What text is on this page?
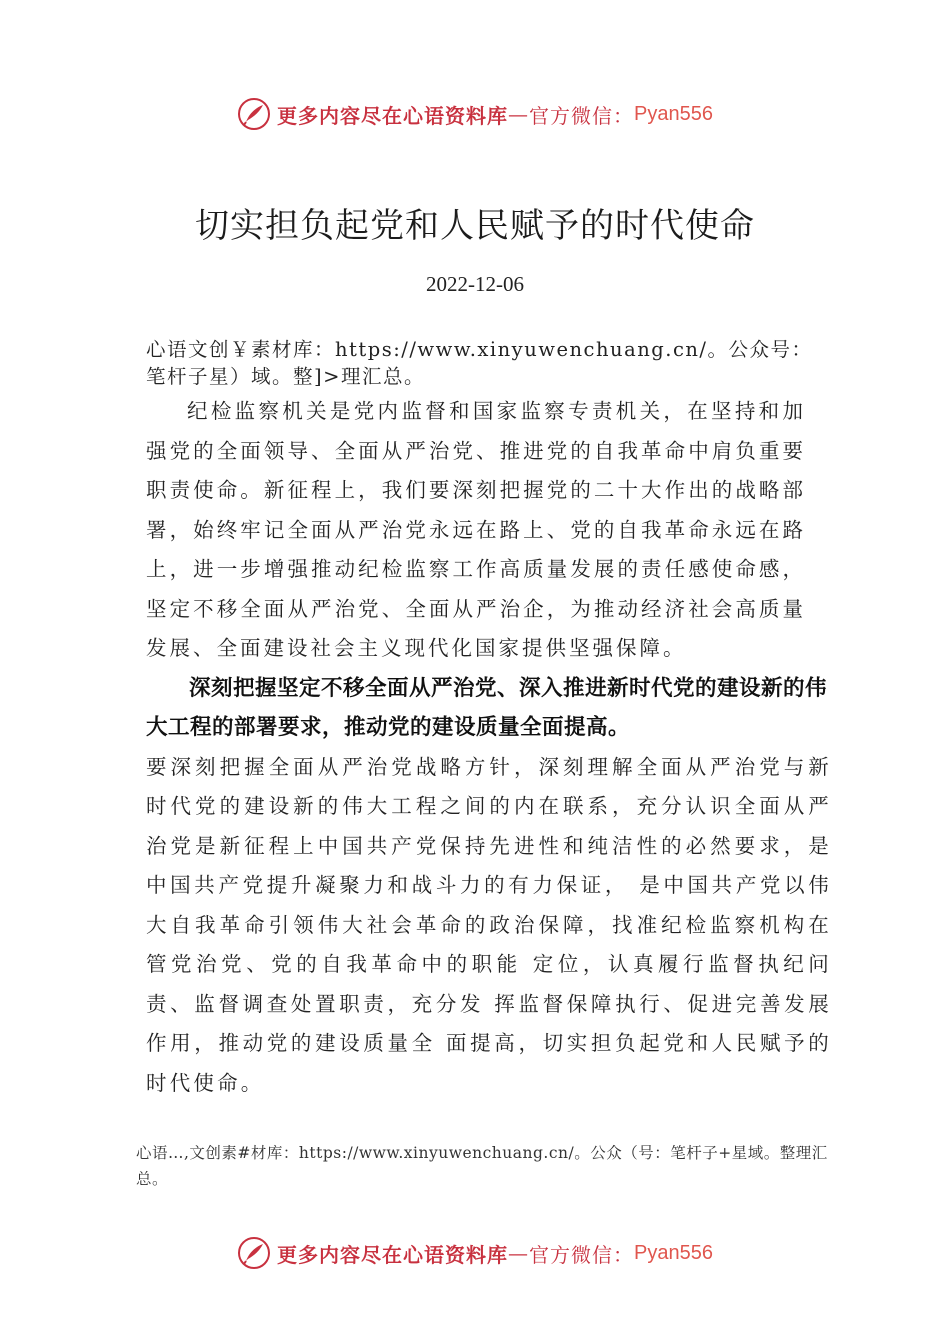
更多内容尽在心语资料库 — 官方微信： Pyan556
切实担负起党和人民赋予的时代使命
2022-12-06

心语文创￥素材库：https://www.xinyuwenchuang.cn/。公众号：笔杆子星）域。整]>理汇总。

纪检监察机关是党内监督和国家监察专责机关，在坚持和加强党的全面领导、全面从严治党、推进党的自我革命中肩负重要职责使命。新征程上，我们要深刻把握党的二十大作出的战略部署，始终牢记全面从严治党永远在路上、党的自我革命永远在路上，进一步增强推动纪检监察工作高质量发展的责任感使命感，坚定不移全面从严治党、全面从严治企，为推动经济社会高质量发展、全面建设社会主义现代化国家提供坚强保障。

深刻把握坚定不移全面从严治党、深入推进新时代党的建设新的伟大工程的部署要求，推动党的建设质量全面提高。

要深刻把握全面从严治党战略方针，深刻理解全面从严治党与新时代党的建设新的伟大工程之间的内在联系，充分认识全面从严治党是新征程上中国共产党保持先进性和纯洁性的必然要求，是中国共产党提升凝聚力和战斗力的有力保证， 是中国共产党以伟大自我革命引领伟大社会革命的政治保障，找准纪检监察机构在管党治党、党的自我革命中的职能 定位，认真履行监督执纪问责、监督调查处置职责，充分发 挥监督保障执行、促进完善发展作用，推动党的建设质量全 面提高，切实担负起党和人民赋予的时代使命。

心语…,文创素#材库：https://www.xinyuwenchuang.cn/。公众（号：笔杆子+星域。整理汇总。

更多内容尽在心语资料库 — 官方微信： Pyan556
